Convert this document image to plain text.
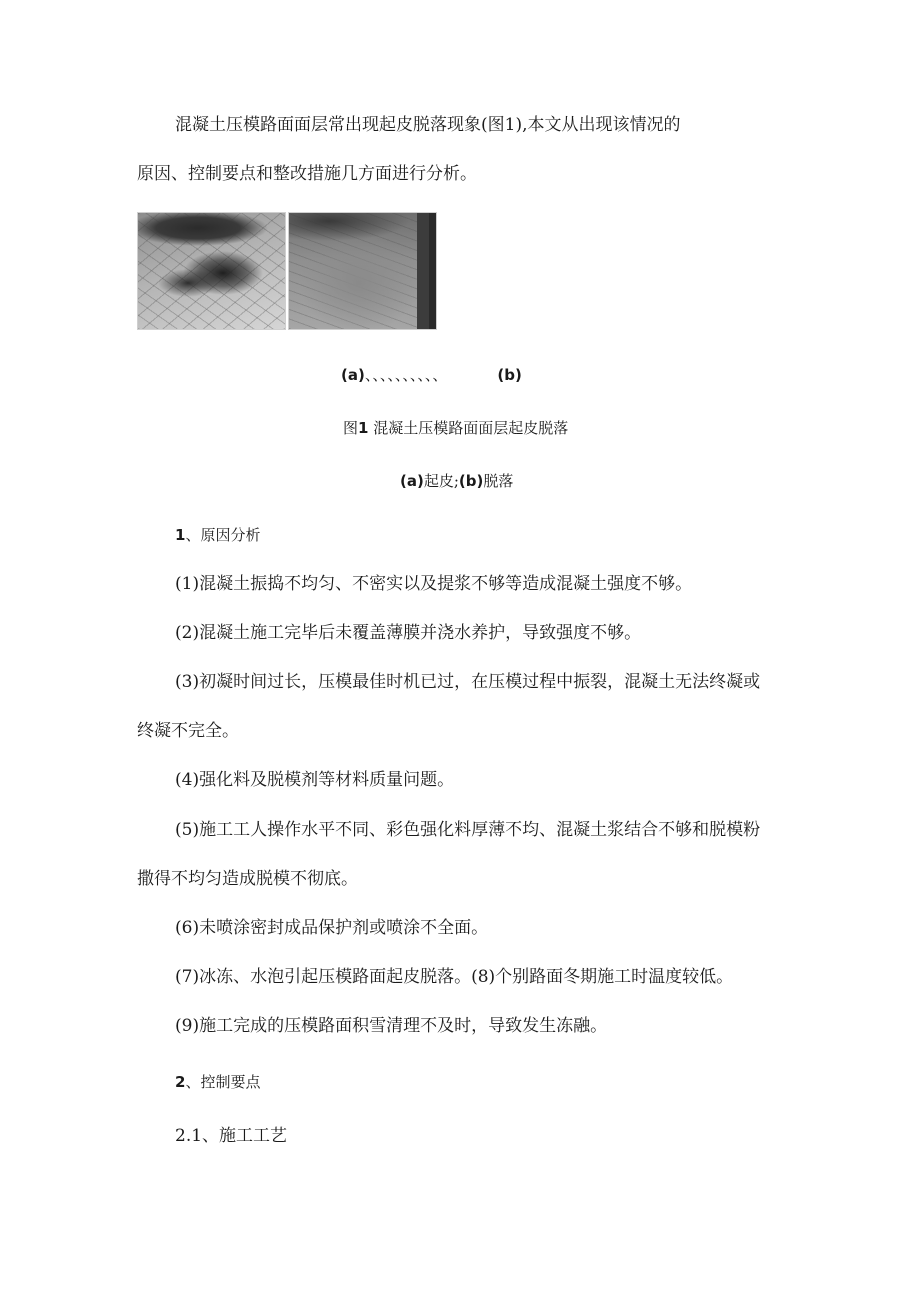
混凝土压模路面面层常出现起皮脱落现象(图1),本文从出现该情况的
原因、控制要点和整改措施几方面进行分析。
(a)、、、、、、、、、、	(b)
图1 混凝土压模路面面层起皮脱落
(a)起皮;(b)脱落
1、原因分析
(1)混凝土振捣不均匀、不密实以及提浆不够等造成混凝土强度不够。
(2)混凝土施工完毕后未覆盖薄膜并浇水养护，导致强度不够。
(3)初凝时间过长，压模最佳时机已过，在压模过程中振裂，混凝土无法终凝或
终凝不完全。
(4)强化料及脱模剂等材料质量问题。
(5)施工工人操作水平不同、彩色强化料厚薄不均、混凝土浆结合不够和脱模粉
撒得不均匀造成脱模不彻底。
(6)未喷涂密封成品保护剂或喷涂不全面。
(7)冰冻、水泡引起压模路面起皮脱落。(8)个别路面冬期施工时温度较低。
(9)施工完成的压模路面积雪清理不及时，导致发生冻融。
2、控制要点
2.1、施工工艺
